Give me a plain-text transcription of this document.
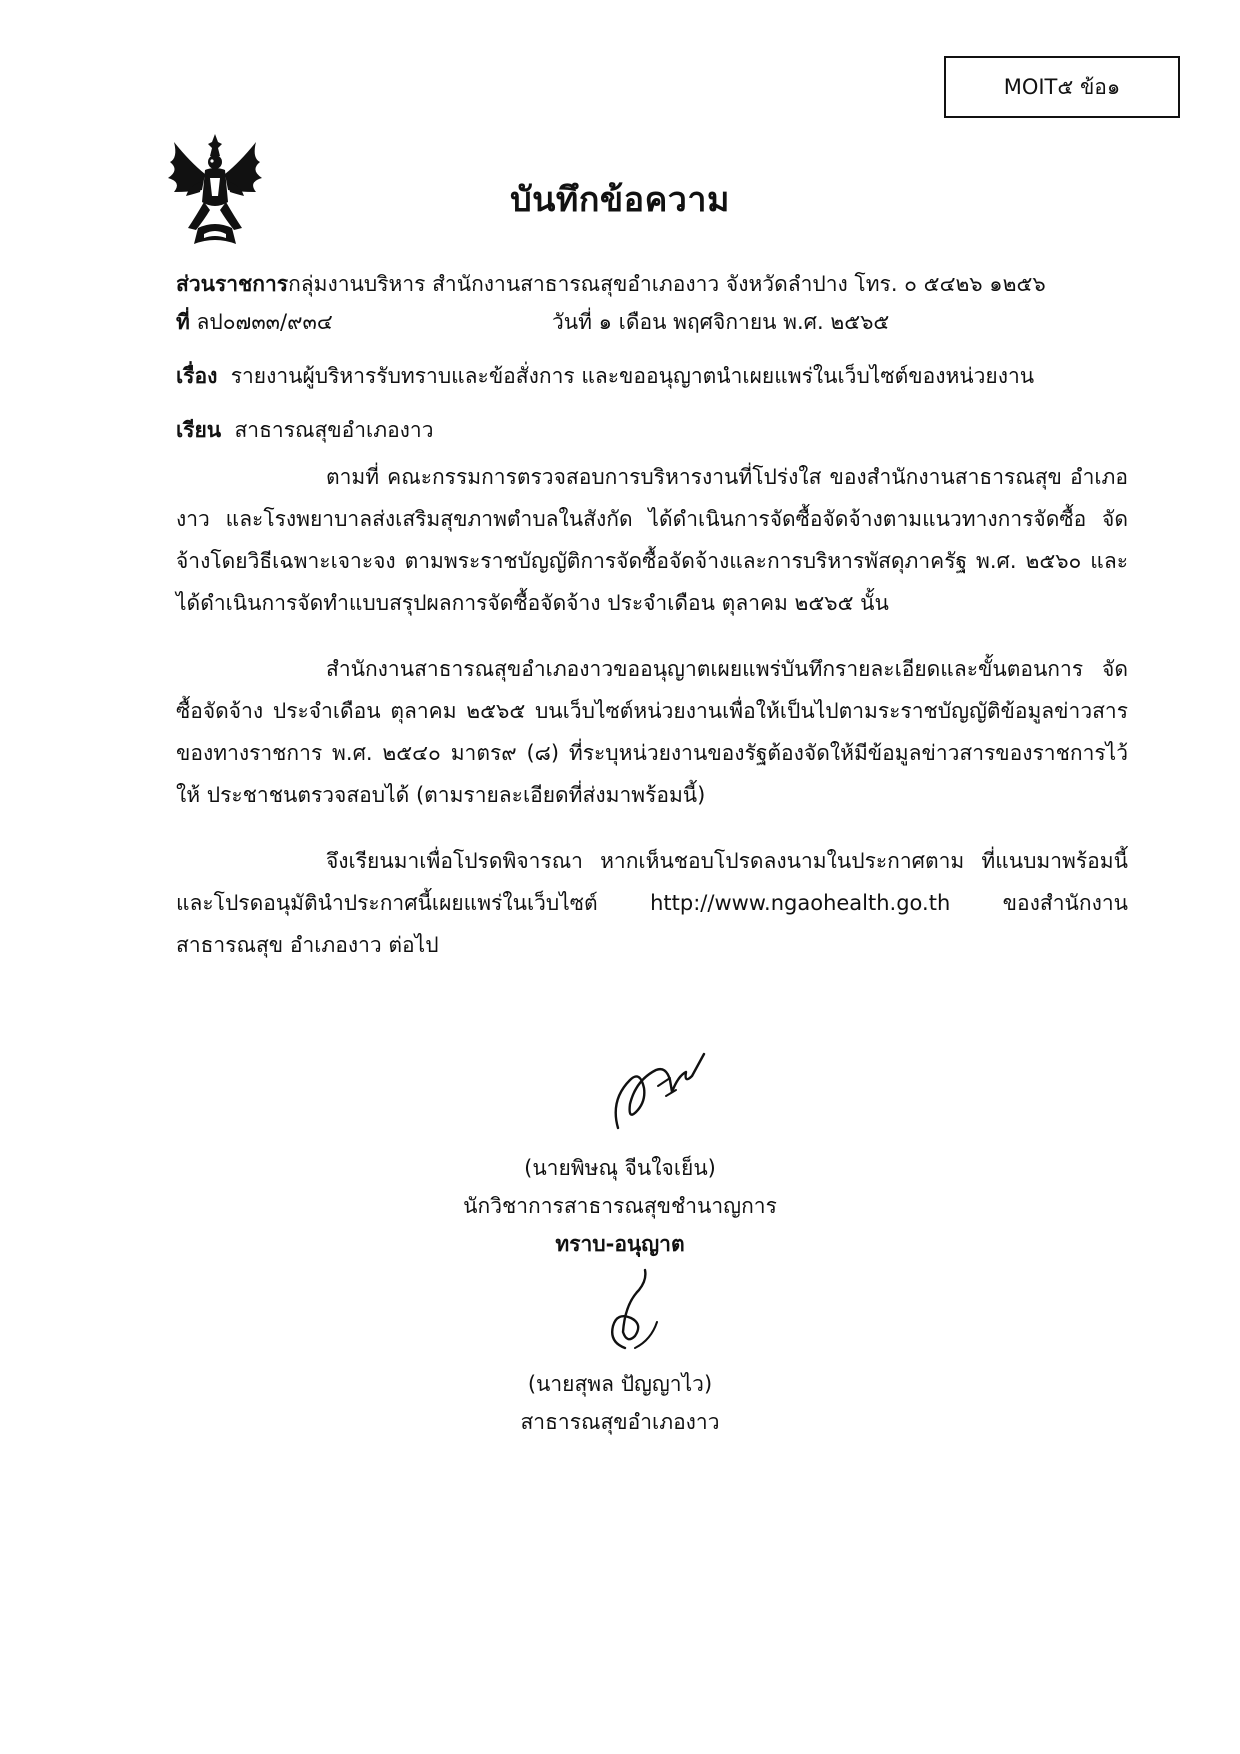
MOIT๕ ข้อ๑
บันทึกข้อความ
ส่วนราชการกลุ่มงานบริหาร สำนักงานสาธารณสุขอำเภองาว จังหวัดลำปาง โทร. ๐ ๕๔๒๖ ๑๒๕๖
ที่ ลป๐๗๓๓/๙๓๔	วันที่ ๑ เดือน พฤศจิกายน พ.ศ. ๒๕๖๕
เรื่อง รายงานผู้บริหารรับทราบและข้อสั่งการ และขออนุญาตนำเผยแพร่ในเว็บไซต์ของหน่วยงาน
เรียน สาธารณสุขอำเภองาว
ตามที่ คณะกรรมการตรวจสอบการบริหารงานที่โปร่งใส ของสำนักงานสาธารณสุข อำเภองาว และโรงพยาบาลส่งเสริมสุขภาพตำบลในสังกัด ได้ดำเนินการจัดซื้อจัดจ้างตามแนวทางการจัดซื้อ จัดจ้างโดยวิธีเฉพาะเจาะจง ตามพระราชบัญญัติการจัดซื้อจัดจ้างและการบริหารพัสดุภาครัฐ พ.ศ. ๒๕๖๐ และ ได้ดำเนินการจัดทำแบบสรุปผลการจัดซื้อจัดจ้าง ประจำเดือน ตุลาคม ๒๕๖๕ นั้น
สำนักงานสาธารณสุขอำเภองาวขออนุญาตเผยแพร่บันทึกรายละเอียดและขั้นตอนการ จัดซื้อจัดจ้าง ประจำเดือน ตุลาคม ๒๕๖๕ บนเว็บไซต์หน่วยงานเพื่อให้เป็นไปตามระราชบัญญัติข้อมูลข่าวสาร ของทางราชการ พ.ศ. ๒๕๔๐ มาตร๙ (๘) ที่ระบุหน่วยงานของรัฐต้องจัดให้มีข้อมูลข่าวสารของราชการไว้ให้ ประชาชนตรวจสอบได้ (ตามรายละเอียดที่ส่งมาพร้อมนี้)
จึงเรียนมาเพื่อโปรดพิจารณา หากเห็นชอบโปรดลงนามในประกาศตาม ที่แนบมาพร้อมนี้ และโปรดอนุมัตินำประกาศนี้เผยแพร่ในเว็บไซต์ http://www.ngaohealth.go.th ของสำนักงานสาธารณสุข อำเภองาว ต่อไป
(นายพิษณุ จีนใจเย็น)
นักวิชาการสาธารณสุขชำนาญการ
ทราบ-อนุญาต
(นายสุพล ปัญญาไว)
สาธารณสุขอำเภองาว
